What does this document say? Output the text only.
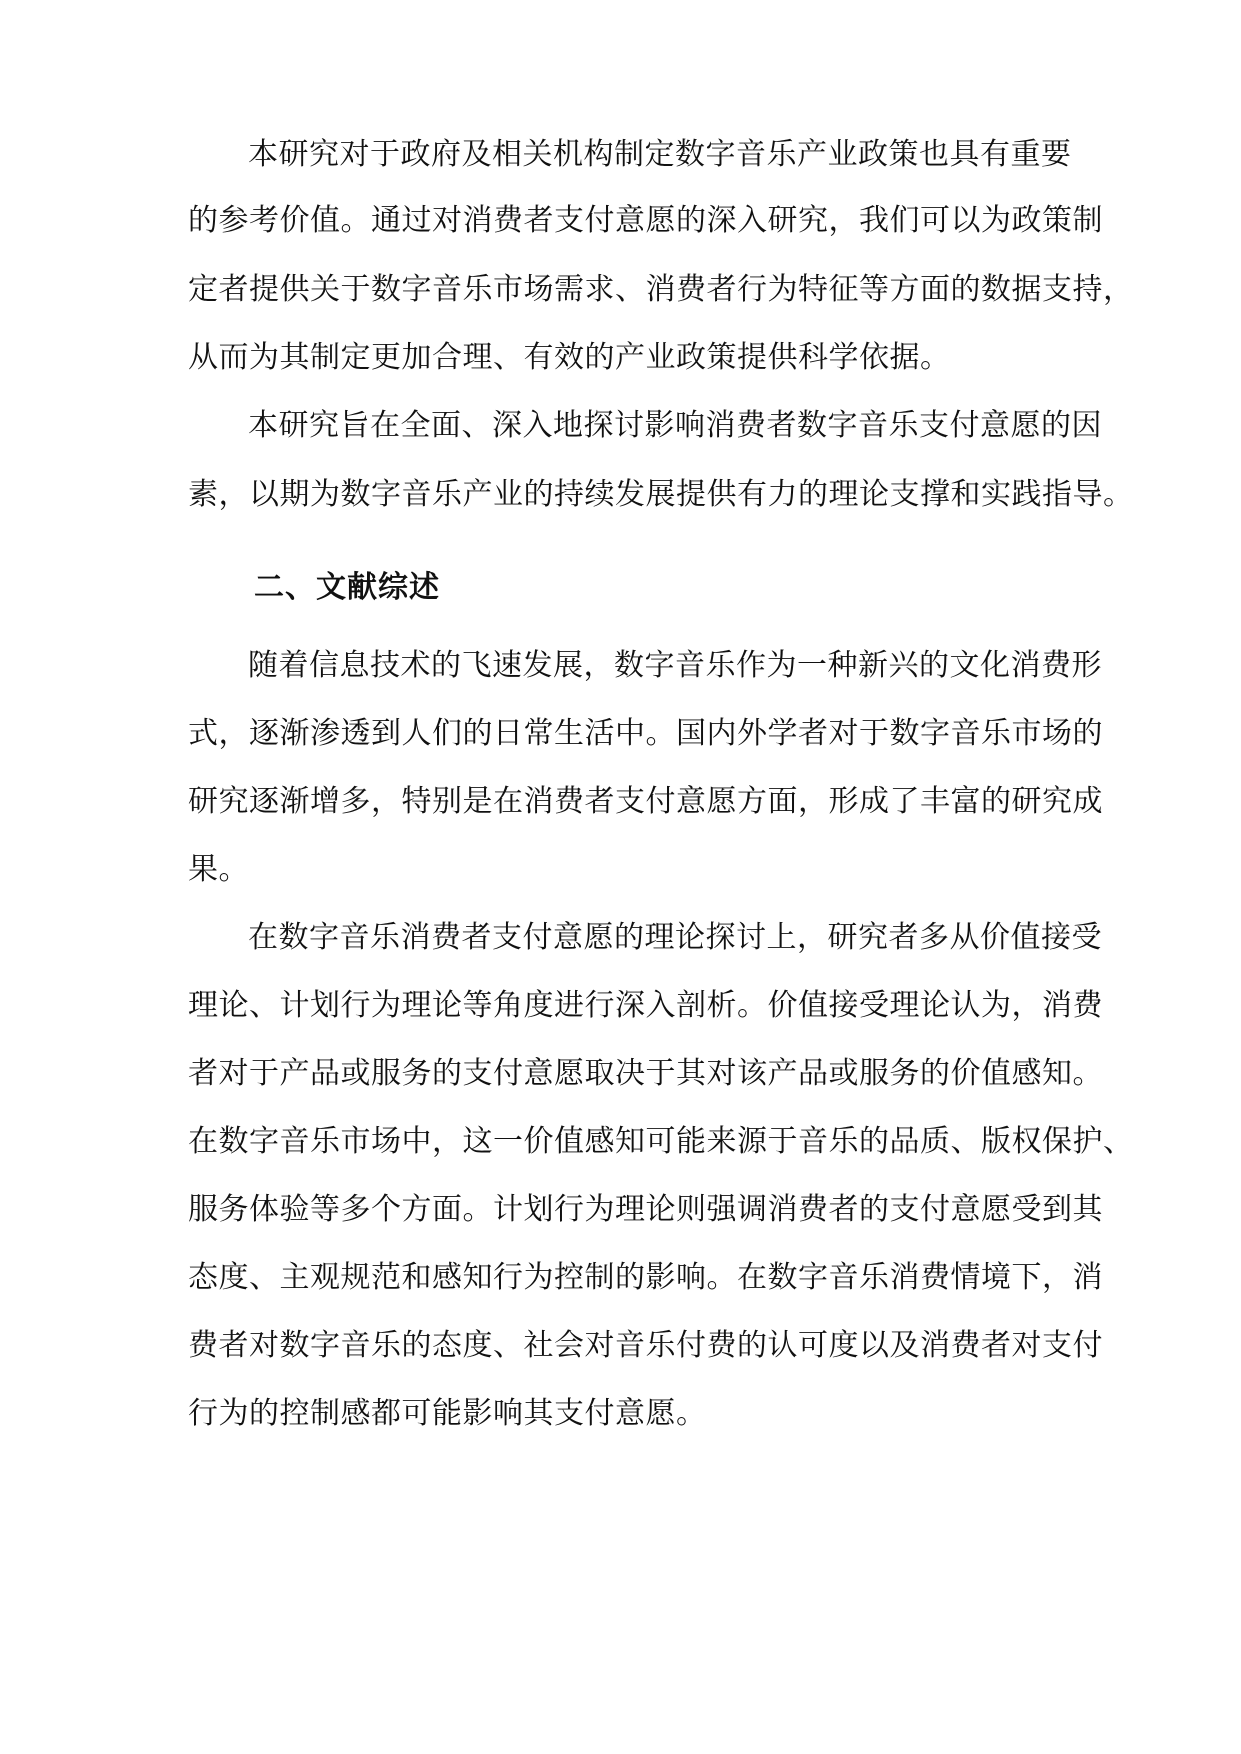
本研究对于政府及相关机构制定数字音乐产业政策也具有重要
的参考价值。通过对消费者支付意愿的深入研究，我们可以为政策制
定者提供关于数字音乐市场需求、消费者行为特征等方面的数据支持，
从而为其制定更加合理、有效的产业政策提供科学依据。
本研究旨在全面、深入地探讨影响消费者数字音乐支付意愿的因
素，以期为数字音乐产业的持续发展提供有力的理论支撑和实践指导。
二、文献综述
随着信息技术的飞速发展，数字音乐作为一种新兴的文化消费形
式，逐渐渗透到人们的日常生活中。国内外学者对于数字音乐市场的
研究逐渐增多，特别是在消费者支付意愿方面，形成了丰富的研究成
果。
在数字音乐消费者支付意愿的理论探讨上，研究者多从价值接受
理论、计划行为理论等角度进行深入剖析。价值接受理论认为，消费
者对于产品或服务的支付意愿取决于其对该产品或服务的价值感知。
在数字音乐市场中，这一价值感知可能来源于音乐的品质、版权保护、
服务体验等多个方面。计划行为理论则强调消费者的支付意愿受到其
态度、主观规范和感知行为控制的影响。在数字音乐消费情境下，消
费者对数字音乐的态度、社会对音乐付费的认可度以及消费者对支付
行为的控制感都可能影响其支付意愿。
